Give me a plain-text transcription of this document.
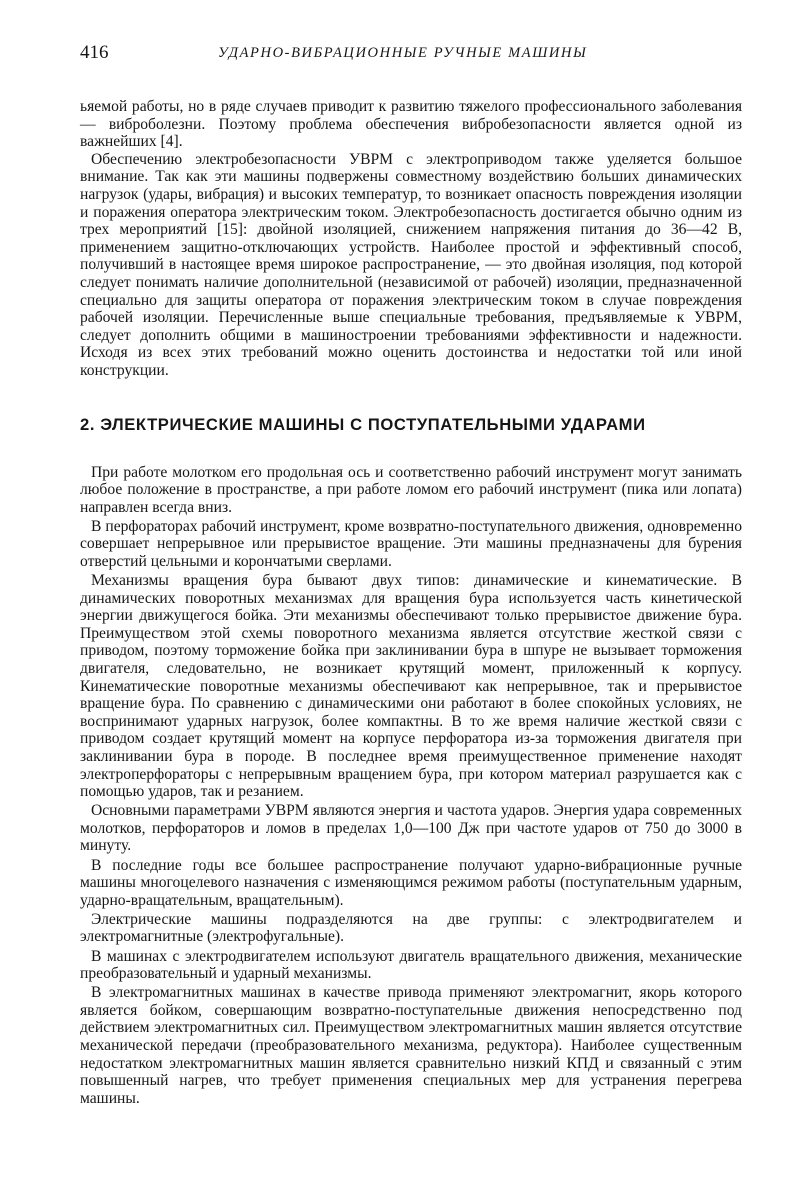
416	УДАРНО-ВИБРАЦИОННЫЕ РУЧНЫЕ МАШИНЫ

ьяемой работы, но в ряде случаев приводит к развитию тяжелого профессионального заболевания — виброболезни. Поэтому проблема обеспечения вибробезопасности является одной из важнейших [4].

Обеспечению электробезопасности УВРМ с электроприводом также уделяется большое внимание. Так как эти машины подвержены совместному воздействию больших динамических нагрузок (удары, вибрация) и высоких температур, то возникает опасность повреждения изоляции и поражения оператора электрическим током. Электробезопасность достигается обычно одним из трех мероприятий [15]: двойной изоляцией, снижением напряжения питания до 36—42 В, применением защитно-отключающих устройств. Наиболее простой и эффективный способ, получивший в настоящее время широкое распространение, — это двойная изоляция, под которой следует понимать наличие дополнительной (независимой от рабочей) изоляции, предназначенной специально для защиты оператора от поражения электрическим током в случае повреждения рабочей изоляции. Перечисленные выше специальные требования, предъявляемые к УВРМ, следует дополнить общими в машиностроении требованиями эффективности и надежности. Исходя из всех этих требований можно оценить достоинства и недостатки той или иной конструкции.

2. ЭЛЕКТРИЧЕСКИЕ МАШИНЫ С ПОСТУПАТЕЛЬНЫМИ УДАРАМИ

При работе молотком его продольная ось и соответственно рабочий инструмент могут занимать любое положение в пространстве, а при работе ломом его рабочий инструмент (пика или лопата) направлен всегда вниз.

В перфораторах рабочий инструмент, кроме возвратно-поступательного движения, одновременно совершает непрерывное или прерывистое вращение. Эти машины предназначены для бурения отверстий цельными и корончатыми сверлами.

Механизмы вращения бура бывают двух типов: динамические и кинематические. В динамических поворотных механизмах для вращения бура используется часть кинетической энергии движущегося бойка. Эти механизмы обеспечивают только прерывистое движение бура. Преимуществом этой схемы поворотного механизма является отсутствие жесткой связи с приводом, поэтому торможение бойка при заклинивании бура в шпуре не вызывает торможения двигателя, следовательно, не возникает крутящий момент, приложенный к корпусу. Кинематические поворотные механизмы обеспечивают как непрерывное, так и прерывистое вращение бура. По сравнению с динамическими они работают в более спокойных условиях, не воспринимают ударных нагрузок, более компактны. В то же время наличие жесткой связи с приводом создает крутящий момент на корпусе перфоратора из-за торможения двигателя при заклинивании бура в породе. В последнее время преимущественное применение находят электроперфораторы с непрерывным вращением бура, при котором материал разрушается как с помощью ударов, так и резанием.

Основными параметрами УВРМ являются энергия и частота ударов. Энергия удара современных молотков, перфораторов и ломов в пределах 1,0—100 Дж при частоте ударов от 750 до 3000 в минуту.

В последние годы все большее распространение получают ударно-вибрационные ручные машины многоцелевого назначения с изменяющимся режимом работы (поступательным ударным, ударно-вращательным, вращательным).

Электрические машины подразделяются на две группы: с электродвигателем и электромагнитные (электрофугальные).

В машинах с электродвигателем используют двигатель вращательного движения, механические преобразовательный и ударный механизмы.

В электромагнитных машинах в качестве привода применяют электромагнит, якорь которого является бойком, совершающим возвратно-поступательные движения непосредственно под действием электромагнитных сил. Преимуществом электромагнитных машин является отсутствие механической передачи (преобразовательного механизма, редуктора). Наиболее существенным недостатком электромагнитных машин является сравнительно низкий КПД и связанный с этим повышенный нагрев, что требует применения специальных мер для устранения перегрева машины.
